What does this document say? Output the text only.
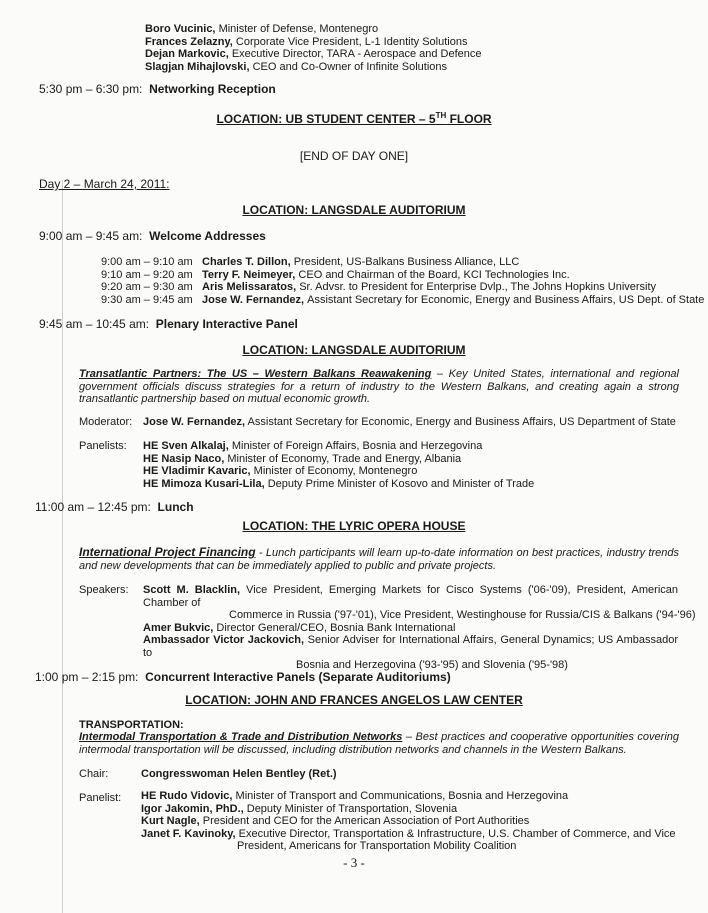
Boro Vucinic, Minister of Defense, Montenegro
Frances Zelazny, Corporate Vice President, L-1 Identity Solutions
Dejan Markovic, Executive Director, TARA - Aerospace and Defence
Slagjan Mihajlovski, CEO and Co-Owner of Infinite Solutions
5:30 pm – 6:30 pm: Networking Reception
LOCATION: UB STUDENT CENTER – 5TH FLOOR
[END OF DAY ONE]
Day 2 – March 24, 2011:
LOCATION: LANGSDALE AUDITORIUM
9:00 am – 9:45 am: Welcome Addresses
9:00 am – 9:10 am Charles T. Dillon,
President, US-Balkans Business Alliance, LLC
9:10 am – 9:20 am Terry F. Neimeyer,
CEO and Chairman of the Board, KCI Technologies Inc.
9:20 am – 9:30 am Aris Melissaratos,
Sr. Advsr. to President for Enterprise Dvlp., The Johns Hopkins University
9:30 am – 9:45 am Jose W. Fernandez,
Assistant Secretary for Economic, Energy and Business Affairs, US Dept. of State
9:45 am – 10:45 am: Plenary Interactive Panel
LOCATION: LANGSDALE AUDITORIUM
Transatlantic Partners: The US – Western Balkans Reawakening – Key United States, international and regional government officials discuss strategies for a return of industry to the Western Balkans, and creating again a strong transatlantic partnership based on mutual economic growth.
Moderator: Jose W. Fernandez, Assistant Secretary for Economic, Energy and Business Affairs, US Department of State
Panelists: HE Sven Alkalaj, Minister of Foreign Affairs, Bosnia and Herzegovina
HE Nasip Naco, Minister of Economy, Trade and Energy, Albania
HE Vladimir Kavaric, Minister of Economy, Montenegro
HE Mimoza Kusari-Lila, Deputy Prime Minister of Kosovo and Minister of Trade
11:00 am – 12:45 pm: Lunch
LOCATION: THE LYRIC OPERA HOUSE
International Project Financing - Lunch participants will learn up-to-date information on best practices, industry trends and new developments that can be immediately applied to public and private projects.
Speakers: Scott M. Blacklin, Vice President, Emerging Markets for Cisco Systems ('06-'09), President, American Chamber of
Commerce in Russia ('97-'01), Vice President, Westinghouse for Russia/CIS & Balkans ('94-'96)
Amer Bukvic, Director General/CEO, Bosnia Bank International
Ambassador Victor Jackovich, Senior Adviser for International Affairs, General Dynamics; US Ambassador to
Bosnia and Herzegovina ('93-'95) and Slovenia ('95-'98)
1:00 pm – 2:15 pm: Concurrent Interactive Panels (Separate Auditoriums)
LOCATION: JOHN AND FRANCES ANGELOS LAW CENTER
TRANSPORTATION:
Intermodal Transportation & Trade and Distribution Networks – Best practices and cooperative opportunities covering intermodal transportation will be discussed, including distribution networks and channels in the Western Balkans.
Chair:	Congresswoman Helen Bentley (Ret.)
Panelist: HE Rudo Vidovic, Minister of Transport and Communications, Bosnia and Herzegovina
Igor Jakomin, PhD., Deputy Minister of Transportation, Slovenia
Kurt Nagle, President and CEO for the American Association of Port Authorities
Janet F. Kavinoky, Executive Director, Transportation & Infrastructure, U.S. Chamber of Commerce, and Vice
President, Americans for Transportation Mobility Coalition
- 3 -
